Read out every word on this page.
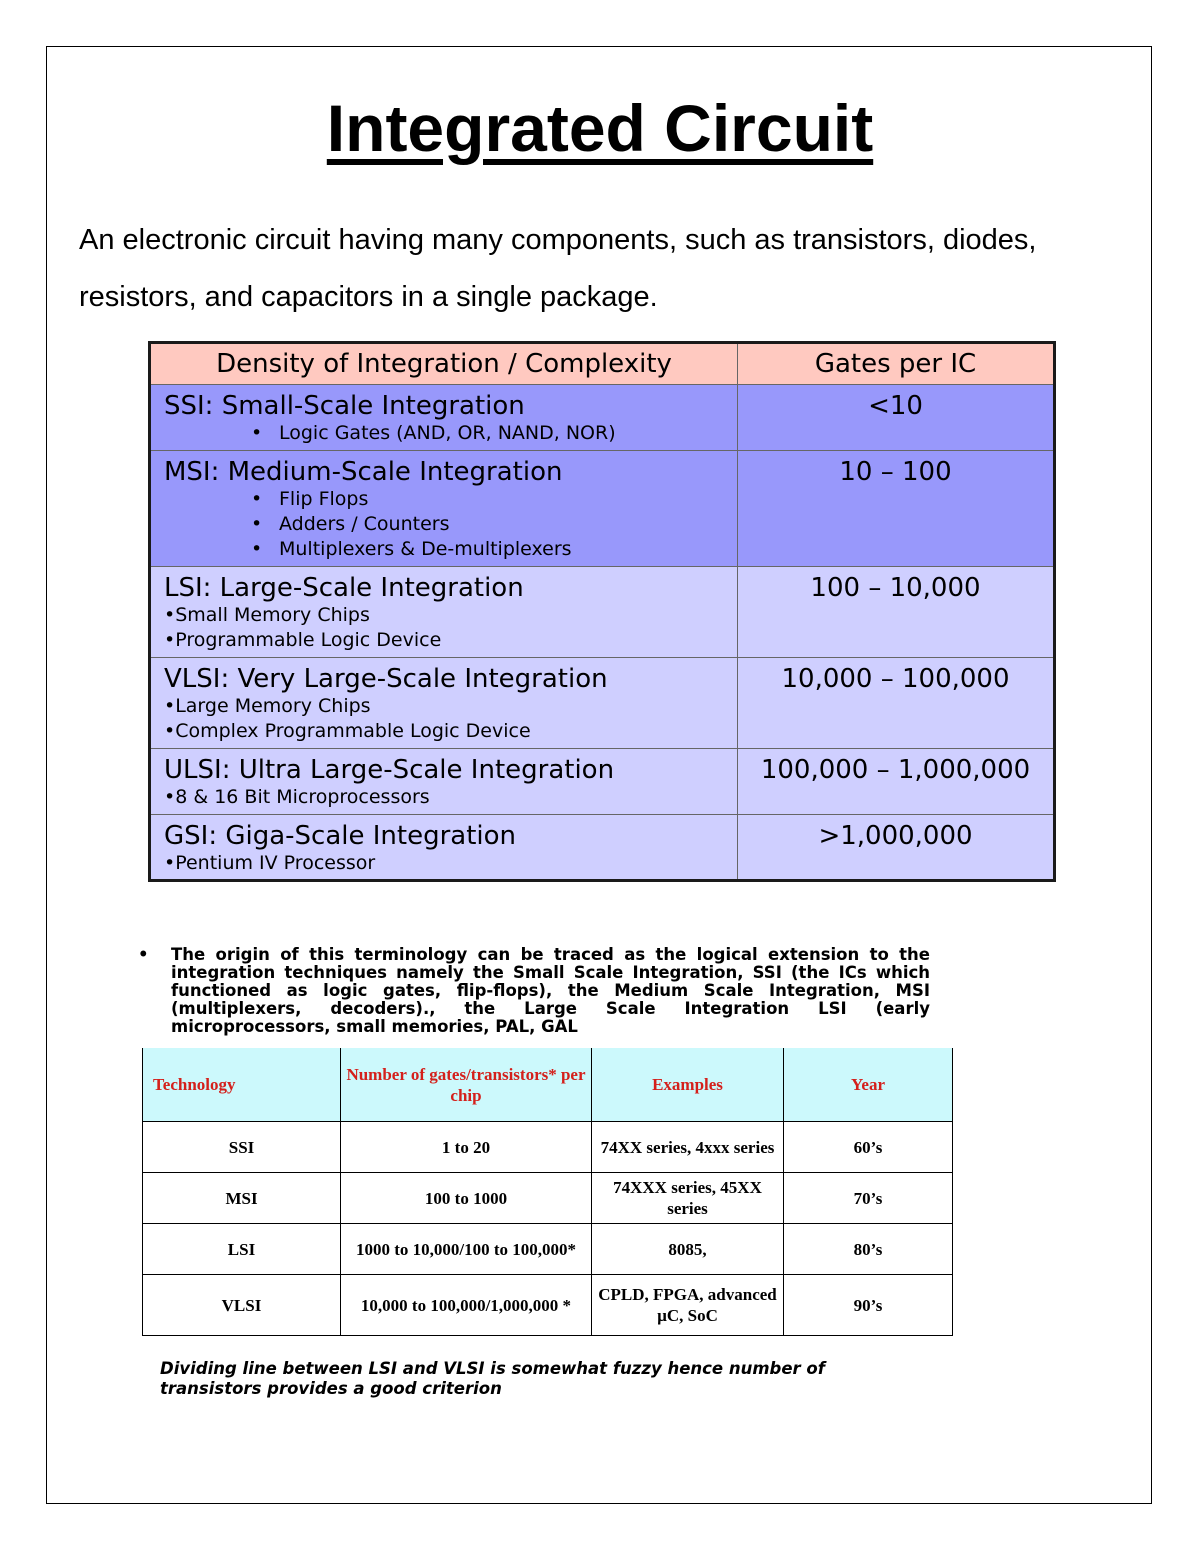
Integrated Circuit
An electronic circuit having many components, such as transistors, diodes, resistors, and capacitors in a single package.
Density of Integration / Complexity	Gates per IC

SSI: Small-Scale Integration
• Logic Gates (AND, OR, NAND, NOR)	<10

MSI: Medium-Scale Integration
• Flip Flops
• Adders / Counters
• Multiplexers & De-multiplexers	10 – 100

LSI: Large-Scale Integration
•Small Memory Chips
•Programmable Logic Device	100 – 10,000

VLSI: Very Large-Scale Integration
•Large Memory Chips
•Complex Programmable Logic Device	10,000 – 100,000

ULSI: Ultra Large-Scale Integration
•8 & 16 Bit Microprocessors	100,000 – 1,000,000

GSI: Giga-Scale Integration
•Pentium IV Processor	>1,000,000
• The origin of this terminology can be traced as the logical extension to the integration techniques namely the Small Scale Integration, SSI (the ICs which functioned as logic gates, flip-flops), the Medium Scale Integration, MSI (multiplexers, decoders)., the Large Scale Integration LSI (early microprocessors, small memories, PAL, GAL
Technology	Number of gates/transistors* per chip	Examples	Year
SSI	1 to 20	74XX series, 4xxx series	60’s
MSI	100 to 1000	74XXX series, 45XX series	70’s
LSI	1000 to 10,000/100 to 100,000*	8085,	80’s
VLSI	10,000 to 100,000/1,000,000 *	CPLD, FPGA, advanced µC, SoC	90’s
Dividing line between LSI and VLSI is somewhat fuzzy hence number of transistors provides a good criterion
